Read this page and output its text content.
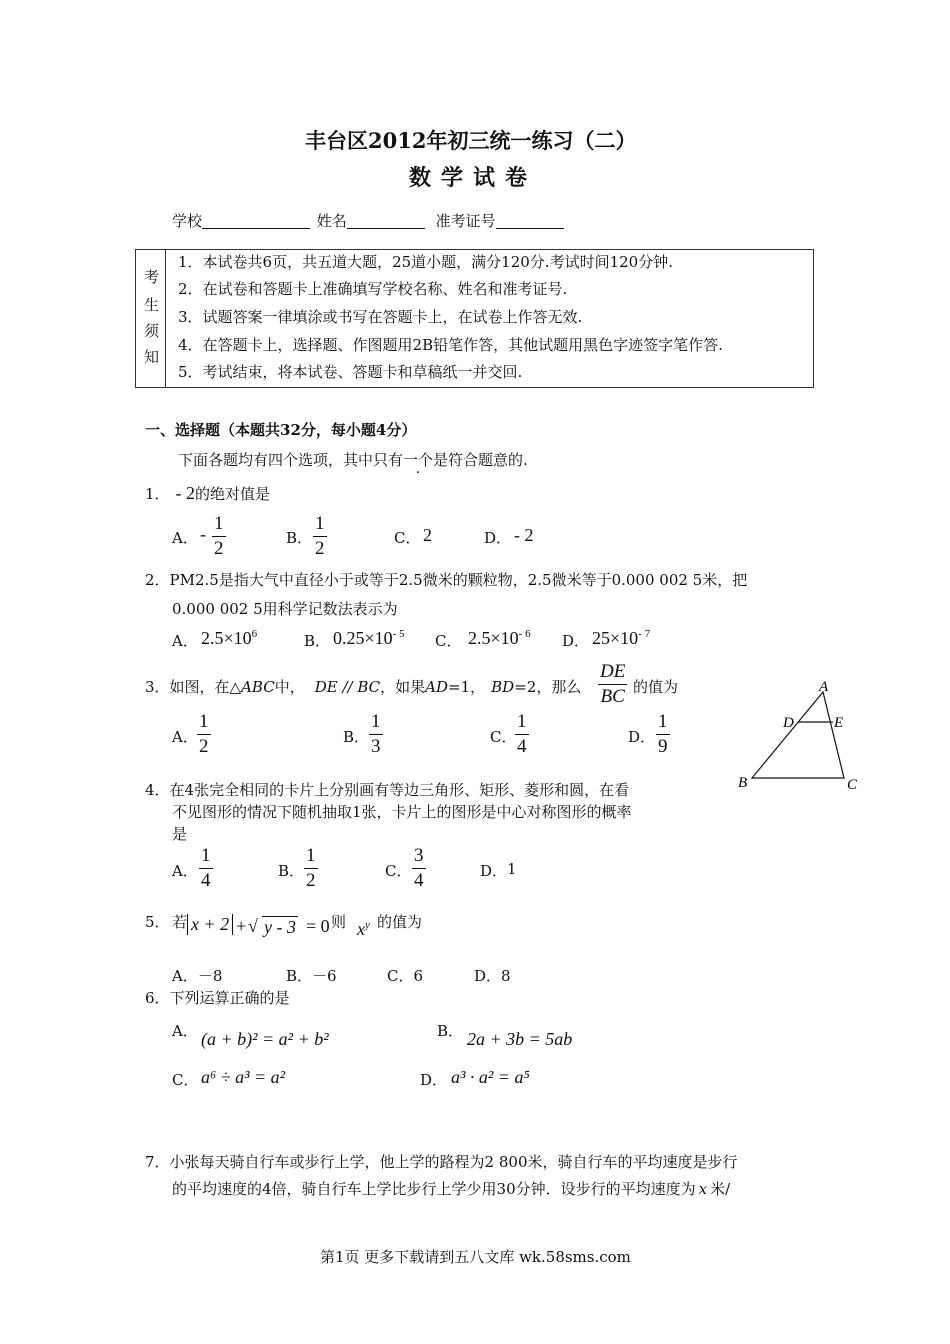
丰台区2012年初三统一练习（二）
数学试卷
学校	姓名	准考证号
考
生
须
知
1．本试卷共6页，共五道大题，25道小题，满分120分.考试时间120分钟.
2．在试卷和答题卡上准确填写学校名称、姓名和准考证号.
3．试题答案一律填涂或书写在答题卡上，在试卷上作答无效.
4．在答题卡上，选择题、作图题用2B铅笔作答，其他试题用黑色字迹签字笔作答.
5．考试结束，将本试卷、答题卡和草稿纸一并交回.
一、选择题（本题共32分，每小题4分）
下面各题均有四个选项，其中只有一个是符合题意的.
1． - 2的绝对值是
A． - 1
2	B．
1
2	C． 2	D． - 2
2．PM2.5是指大气中直径小于或等于2.5微米的颗粒物，2.5微米等于0.000 002 5米，把
0.000 002 5用科学记数法表示为
A． $2.5\times 10^6$	B． $0.25\times 10^{- 5}$ C． $2.5\times 10^{- 6}$ D． $25\times 10^{- 7}$
3．如图，在△ABC中， DE // BC，如果AD=1， BD=2，那么
DE
BC 的值为
A．
1
2	B．
1
3	C．
1
4	D．
1
9
A
D	E
B	C
4．在4张完全相同的卡片上分别画有等边三角形、矩形、菱形和圆，在看
不见图形的情况下随机抽取1张，卡片上的图形是中心对称图形的概率
是
A．
1
4	B．
1
2	C．
3
4	D． 1
5． 若 x + 2 + √ y - 3 = 0 则 $x^y$ 的值为
A．－8	B．－6	C．6	D．8
6．下列运算正确的是
A． (a + b)² = a² + b²	B． 2a + 3b = 5ab
C． a⁶ ÷ a³ = a²	D． a³ · a² = a⁵
7．小张每天骑自行车或步行上学，他上学的路程为2 800米，骑自行车的平均速度是步行
的平均速度的4倍，骑自行车上学比步行上学少用30分钟．设步行的平均速度为 x 米/
第1页 更多下载请到五八文库 wk.58sms.com
